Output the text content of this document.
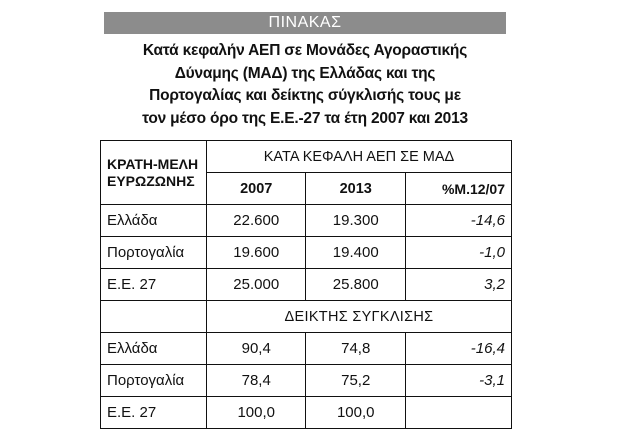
ΠΙΝΑΚΑΣ
Κατά κεφαλήν ΑΕΠ σε Μονάδες Αγοραστικής
Δύναμης (ΜΑΔ) της Ελλάδας και της
Πορτογαλίας και δείκτης σύγκλισής τους με
τον μέσο όρο της Ε.Ε.-27 τα έτη 2007 και 2013
ΚΡΑΤΗ-ΜΕΛΗ
ΕΥΡΩΖΩΝΗΣ	ΚΑΤΑ ΚΕΦΑΛΗ ΑΕΠ ΣΕ ΜΑΔ		
	2007	2013	%Μ.12/07
Ελλάδα	22.600	19.300	-14,6
Πορτογαλία	19.600	19.400	-1,0
Ε.Ε. 27	25.000	25.800	3,2
	ΔΕΙΚΤΗΣ ΣΥΓΚΛΙΣΗΣ		
Ελλάδα	90,4	74,8	-16,4
Πορτογαλία	78,4	75,2	-3,1
Ε.Ε. 27	100,0	100,0	
